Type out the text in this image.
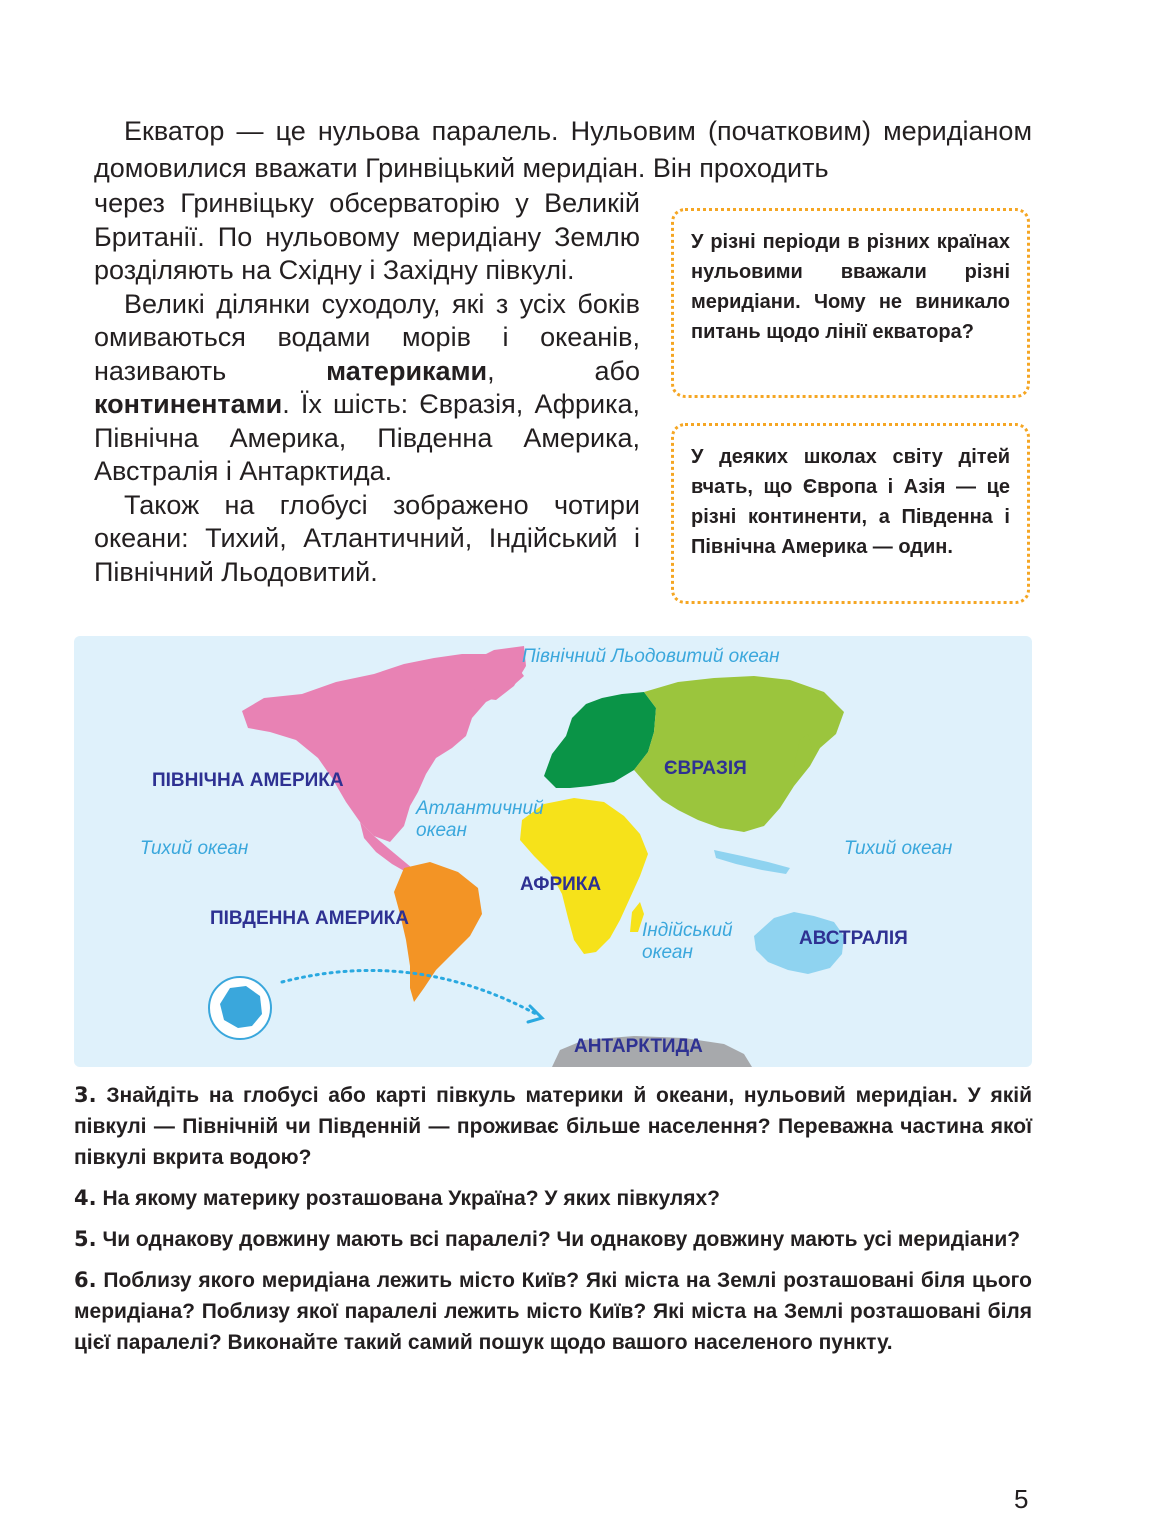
Екватор — це нульова паралель. Нульовим (початковим) меридіаном домовилися вважати Гринвіцький меридіан. Він проходить

через Гринвіцьку обсерваторію у Великій Британії. По нульовому меридіану Землю розділяють на Східну і Західну півкулі.

Великі ділянки суходолу, які з усіх боків омиваються водами морів і океанів, називають материками, або континентами. Їх шість: Євразія, Африка, Північна Америка, Південна Америка, Австралія і Антарктида.

Також на глобусі зображено чотири океани: Тихий, Атлантичний, Індійський і Північний Льодовитий.

У різні періоди в різних країнах нульовими вважали різні меридіани. Чому не виникало питань щодо лінії екватора?
У деяких школах світу дітей вчать, що Європа і Азія — це різні континенти, а Південна і Північна Америка — один.
ПІВНІЧНА АМЕРИКА
ПІВДЕННА АМЕРИКА
ЄВРАЗІЯ
АФРИКА
АВСТРАЛІЯ
АНТАРКТИДА
Північний Льодовитий океан
Атлантичний
океан
Тихий океан	Тихий океан
Індійський
океан

3. Знайдіть на глобусі або карті півкуль материки й океани, нульовий меридіан. У якій півкулі — Північній чи Південній — проживає більше населення? Переважна частина якої півкулі вкрита водою?

4. На якому материку розташована Україна? У яких півкулях?

5. Чи однакову довжину мають всі паралелі? Чи однакову довжину мають усі меридіани?

6. Поблизу якого меридіана лежить місто Київ? Які міста на Землі розташовані біля цього меридіана? Поблизу якої паралелі лежить місто Київ? Які міста на Землі розташовані біля цієї паралелі? Виконайте такий самий пошук щодо вашого населеного пункту.

5
